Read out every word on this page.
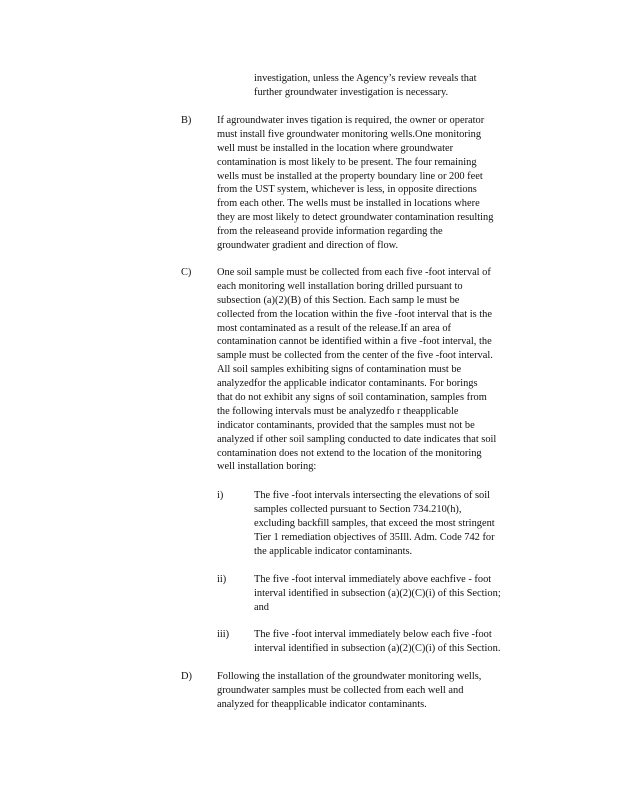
investigation, unless the Agency’s review reveals that
further groundwater investigation is necessary.
B) If agroundwater inves tigation is required, the owner or operator
must install five groundwater monitoring wells.One monitoring
well must be installed in the location where groundwater
contamination is most likely to be present. The four remaining
wells must be installed at the property boundary line or 200 feet
from the UST system, whichever is less, in opposite directions
from each other. The wells must be installed in locations where
they are most likely to detect groundwater contamination resulting
from the releaseand provide information regarding the
groundwater gradient and direction of flow.
C) One soil sample must be collected from each five -foot interval of
each monitoring well installation boring drilled pursuant to
subsection (a)(2)(B) of this Section. Each samp le must be
collected from the location within the five -foot interval that is the
most contaminated as a result of the release.If an area of
contamination cannot be identified within a five -foot interval, the
sample must be collected from the center of the five -foot interval.
All soil samples exhibiting signs of contamination must be
analyzedfor the applicable indicator contaminants. For borings
that do not exhibit any signs of soil contamination, samples from
the following intervals must be analyzedfo r theapplicable
indicator contaminants, provided that the samples must not be
analyzed if other soil sampling conducted to date indicates that soil
contamination does not extend to the location of the monitoring
well installation boring:
i)	The five -foot intervals intersecting the elevations of soil
samples collected pursuant to Section 734.210(h),
excluding backfill samples, that exceed the most stringent
Tier 1 remediation objectives of 35Ill. Adm. Code 742 for
the applicable indicator contaminants.
ii)	The five -foot interval immediately above eachfive - foot
interval identified in subsection (a)(2)(C)(i) of this Section;
and
iii) The five -foot interval immediately below each five -foot
interval identified in subsection (a)(2)(C)(i) of this Section.
D) Following the installation of the groundwater monitoring wells,
groundwater samples must be collected from each well and
analyzed for theapplicable indicator contaminants.
